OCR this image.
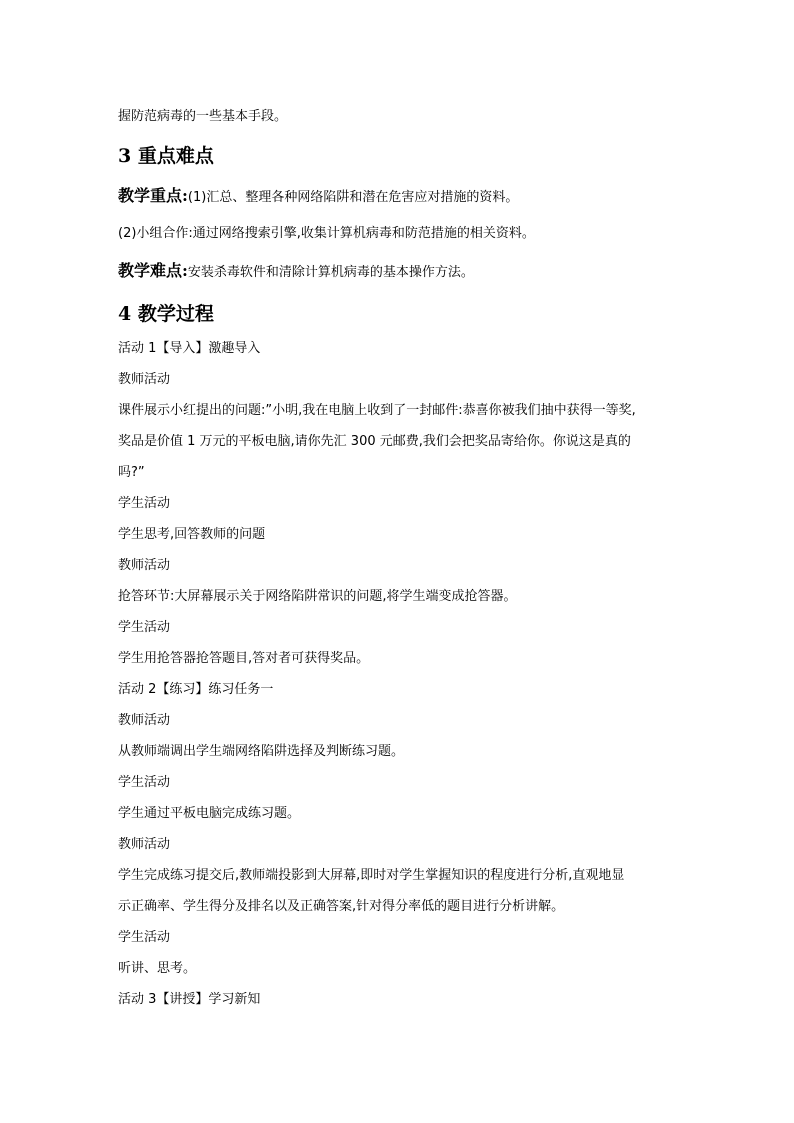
握防范病毒的一些基本手段。

3 重点难点

教学重点:(1)汇总、整理各种网络陷阱和潜在危害应对措施的资料。

(2)小组合作:通过网络搜索引擎,收集计算机病毒和防范措施的相关资料。

教学难点:安装杀毒软件和清除计算机病毒的基本操作方法。

4 教学过程

活动 1【导入】激趣导入

教师活动

课件展示小红提出的问题:”小明,我在电脑上收到了一封邮件:恭喜你被我们抽中获得一等奖,

奖品是价值 1 万元的平板电脑,请你先汇 300 元邮费,我们会把奖品寄给你。你说这是真的

吗?”

学生活动

学生思考,回答教师的问题

教师活动

抢答环节:大屏幕展示关于网络陷阱常识的问题,将学生端变成抢答器。

学生活动

学生用抢答器抢答题目,答对者可获得奖品。

活动 2【练习】练习任务一

教师活动

从教师端调出学生端网络陷阱选择及判断练习题。

学生活动

学生通过平板电脑完成练习题。

教师活动

学生完成练习提交后,教师端投影到大屏幕,即时对学生掌握知识的程度进行分析,直观地显

示正确率、学生得分及排名以及正确答案,针对得分率低的题目进行分析讲解。

学生活动

听讲、思考。

活动 3【讲授】学习新知
